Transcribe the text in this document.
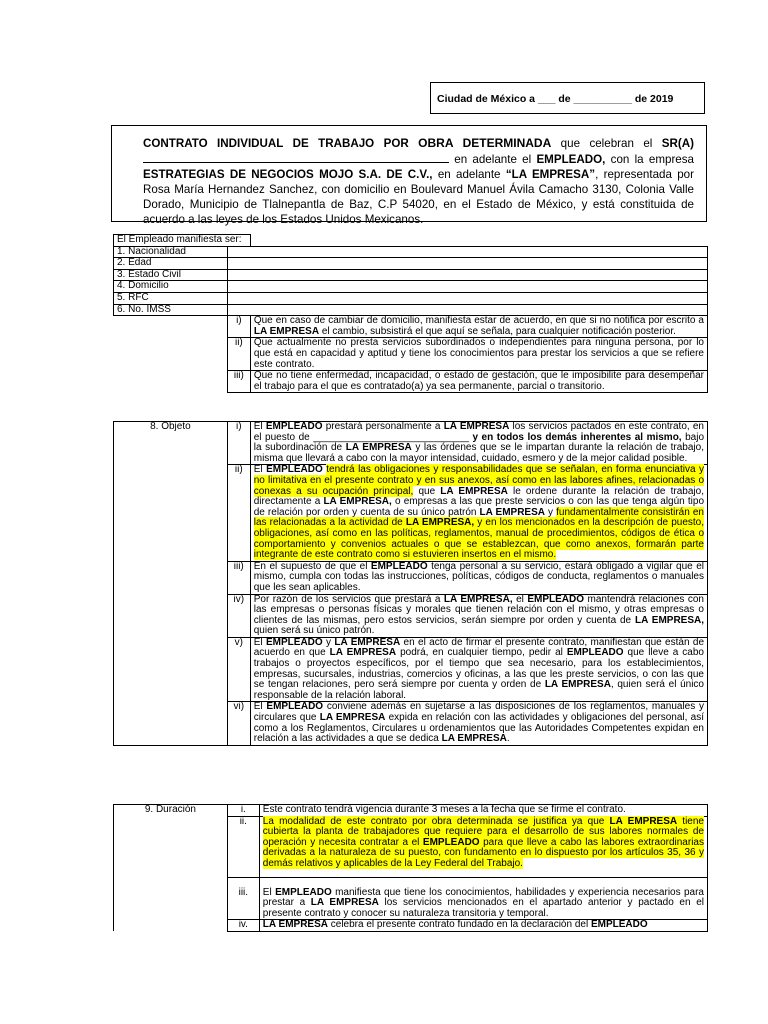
Ciudad de México a ___ de __________ de 2019

CONTRATO INDIVIDUAL DE TRABAJO POR OBRA DETERMINADA que celebran el SR(A)  en adelante el EMPLEADO, con la empresa ESTRATEGIAS DE NEGOCIOS MOJO S.A. DE C.V., en adelante “LA EMPRESA”, representada por Rosa María Hernandez Sanchez, con domicilio en Boulevard Manuel Ávila Camacho 3130, Colonia Valle Dorado, Municipio de Tlalnepantla de Baz, C.P 54020, en el Estado de México, y está constituida de acuerdo a las leyes de los Estados Unidos Mexicanos.

El Empleado manifiesta ser:		
1. Nacionalidad		
2. Edad		
3. Estado Civil		
4. Domicilio		
5. RFC		
6. No. IMSS		
	i)	Que en caso de cambiar de domicilio, manifiesta estar de acuerdo, en que si no notifica por escrito a LA EMPRESA el cambio, subsistirá el que aquí se señala, para cualquier notificación posterior.
	ii)	Que actualmente no presta servicios subordinados o independientes para ninguna persona, por lo que está en capacidad y aptitud y tiene los conocimientos para prestar los servicios a que se refiere este contrato.
	iii)	Que no tiene enfermedad, incapacidad, o estado de gestación, que le imposibilite para desempeñar el trabajo para el que es contratado(a) ya sea permanente, parcial o transitorio.
8. Objeto	i)	El EMPLEADO prestará personalmente a LA EMPRESA los servicios pactados en este contrato, en el puesto de ____________________________ y en todos los demás inherentes al mismo, bajo la subordinación de LA EMPRESA y las órdenes que se le impartan durante la relación de trabajo, misma que llevará a cabo con la mayor intensidad, cuidado, esmero y de la mejor calidad posible.
	ii)	El EMPLEADO tendrá las obligaciones y responsabilidades que se señalan, en forma enunciativa y no limitativa en el presente contrato y en sus anexos, así como en las labores afines, relacionadas o conexas a su ocupación principal, que LA EMPRESA le ordene durante la relación de trabajo, directamente a LA EMPRESA, o empresas a las que preste servicios o con las que tenga algún tipo de relación por orden y cuenta de su único patrón LA EMPRESA y fundamentalmente consistirán en las relacionadas a la actividad de LA EMPRESA, y en los mencionados en la descripción de puesto, obligaciones, así como en las políticas, reglamentos, manual de procedimientos, códigos de ética o comportamiento y convenios actuales o que se establezcan, que como anexos, formarán parte integrante de este contrato como si estuvieren insertos en el mismo.
	iii)	En el supuesto de que el EMPLEADO tenga personal a su servicio, estará obligado a vigilar que el mismo, cumpla con todas las instrucciones, políticas, códigos de conducta, reglamentos o manuales que les sean aplicables.
	iv)	Por razón de los servicios que prestará a LA EMPRESA, el EMPLEADO mantendrá relaciones con las empresas o personas físicas y morales que tienen relación con el mismo, y otras empresas o clientes de las mismas, pero estos servicios, serán siempre por orden y cuenta de LA EMPRESA, quien será su único patrón.
	v)	El EMPLEADO y LA EMPRESA en el acto de firmar el presente contrato, manifiestan que están de acuerdo en que LA EMPRESA podrá, en cualquier tiempo, pedir al EMPLEADO que lleve a cabo trabajos o proyectos específicos, por el tiempo que sea necesario, para los establecimientos, empresas, sucursales, industrias, comercios y oficinas, a las que les preste servicios, o con las que se tengan relaciones, pero será siempre por cuenta y orden de LA EMPRESA, quien será el único responsable de la relación laboral.
	vi)	El EMPLEADO conviene además en sujetarse a las disposiciones de los reglamentos, manuales y circulares que LA EMPRESA expida en relación con las actividades y obligaciones del personal, así como a los Reglamentos, Circulares u ordenamientos que las Autoridades Competentes expidan en relación a las actividades a que se dedica LA EMPRESA.
9. Duración	i.	Este contrato tendrá vigencia durante 3 meses a la fecha que se firme el contrato.
	ii.	La modalidad de este contrato por obra determinada se justifica ya que LA EMPRESA tiene cubierta la planta de trabajadores que requiere para el desarrollo de sus labores normales de operación y necesita contratar a el EMPLEADO para que lleve a cabo las labores extraordinarias derivadas a la naturaleza de su puesto, con fundamento en lo dispuesto por los artículos 35, 36 y demás relativos y aplicables de la Ley Federal del Trabajo.
	iii.	El EMPLEADO manifiesta que tiene los conocimientos, habilidades y experiencia necesarios para prestar a LA EMPRESA los servicios mencionados en el apartado anterior y pactado en el presente contrato y conocer su naturaleza transitoria y temporal.
	iv.	LA EMPRESA celebra el presente contrato fundado en la declaración del EMPLEADO
